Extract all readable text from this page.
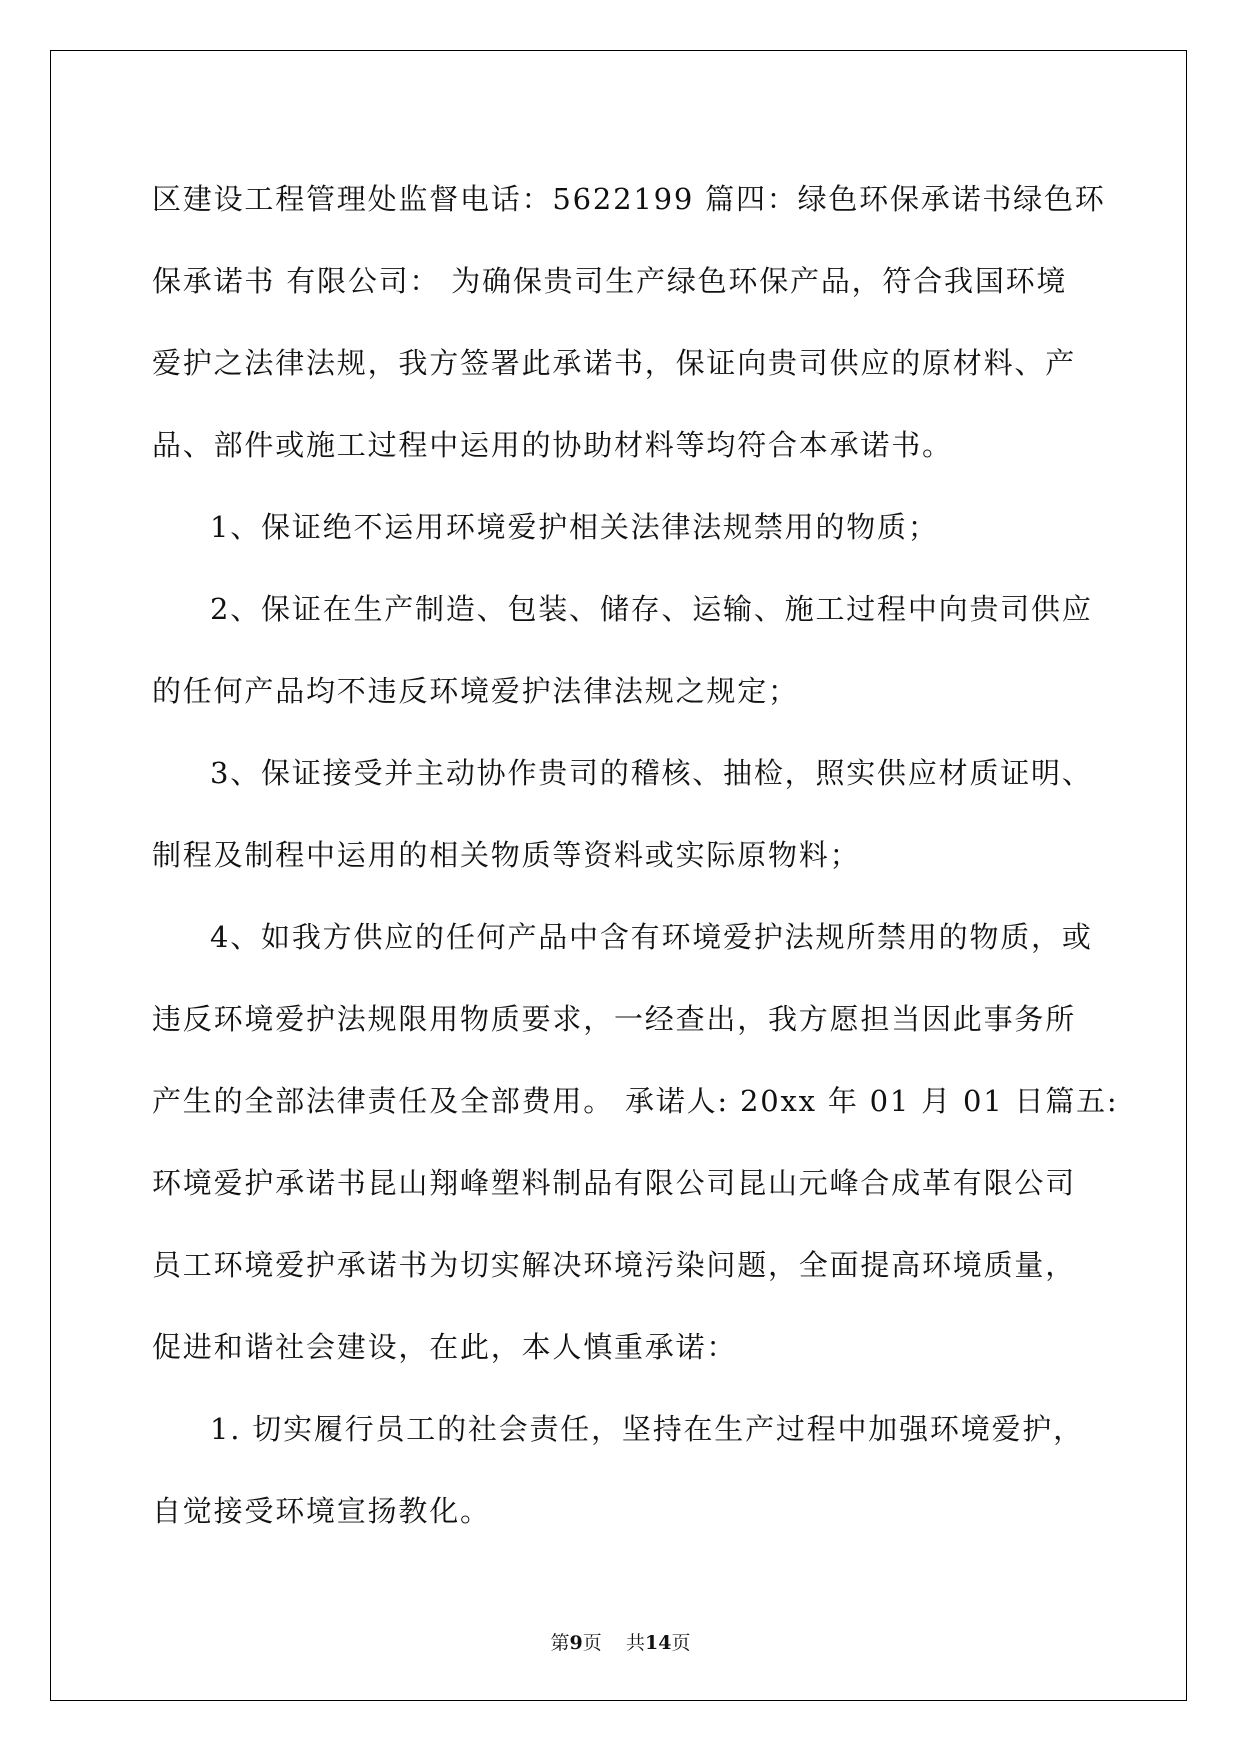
区建设工程管理处监督电话：5622199 篇四：绿色环保承诺书绿色环
保承诺书 有限公司： 为确保贵司生产绿色环保产品，符合我国环境
爱护之法律法规，我方签署此承诺书，保证向贵司供应的原材料、产
品、部件或施工过程中运用的协助材料等均符合本承诺书。
1、保证绝不运用环境爱护相关法律法规禁用的物质；
2、保证在生产制造、包装、储存、运输、施工过程中向贵司供应
的任何产品均不违反环境爱护法律法规之规定；
3、保证接受并主动协作贵司的稽核、抽检，照实供应材质证明、
制程及制程中运用的相关物质等资料或实际原物料；
4、如我方供应的任何产品中含有环境爱护法规所禁用的物质，或
违反环境爱护法规限用物质要求，一经查出，我方愿担当因此事务所
产生的全部法律责任及全部费用。 承诺人: 20xx 年 01 月 01 日篇五:
环境爱护承诺书昆山翔峰塑料制品有限公司昆山元峰合成革有限公司
员工环境爱护承诺书为切实解决环境污染问题，全面提高环境质量，
促进和谐社会建设，在此，本人慎重承诺：
1. 切实履行员工的社会责任，坚持在生产过程中加强环境爱护，
自觉接受环境宣扬教化。
第9页 共14页
